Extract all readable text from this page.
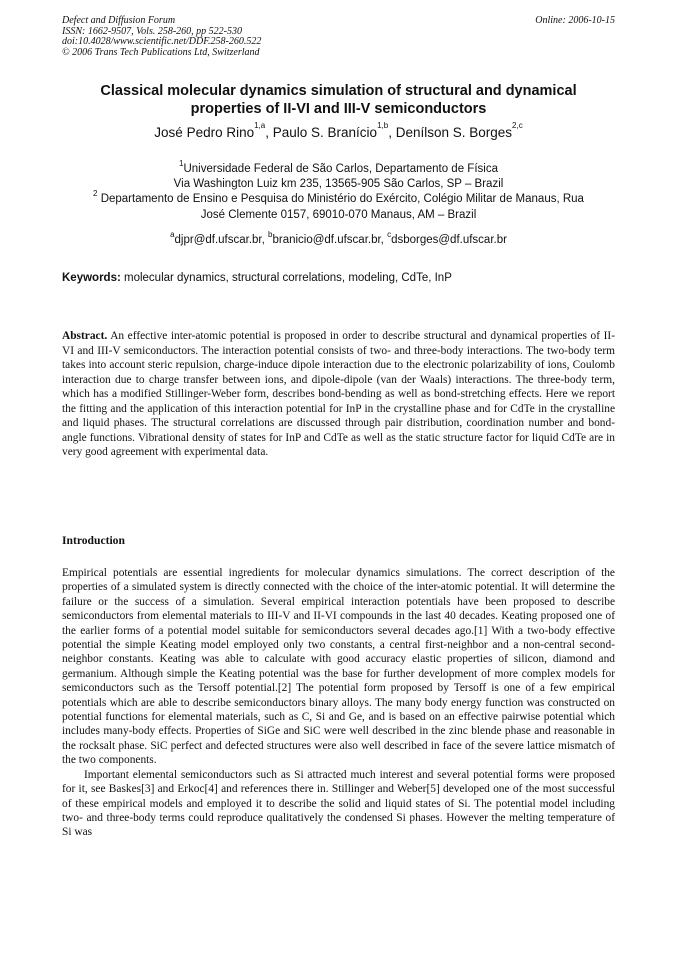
Defect and Diffusion Forum
ISSN: 1662-9507, Vols. 258-260, pp 522-530
doi:10.4028/www.scientific.net/DDF.258-260.522
© 2006 Trans Tech Publications Ltd, Switzerland
Online: 2006-10-15
Classical molecular dynamics simulation of structural and dynamical
properties of II-VI and III-V semiconductors
José Pedro Rino$^{1,a}$, Paulo S. Branício$^{1,b}$, Denílson S. Borges$^{2,c}$
$^1$Universidade Federal de São Carlos, Departamento de Física
Via Washington Luiz km 235, 13565-905 São Carlos, SP – Brazil
$^2$ Departamento de Ensino e Pesquisa do Ministério do Exército, Colégio Militar de Manaus, Rua
José Clemente 0157, 69010-070 Manaus, AM – Brazil
$^a$djpr@df.ufscar.br, $^b$branicio@df.ufscar.br, $^c$dsborges@df.ufscar.br
Keywords: molecular dynamics, structural correlations, modeling, CdTe, InP
Abstract. An effective inter-atomic potential is proposed in order to describe structural and dynamical properties of II-VI and III-V semiconductors. The interaction potential consists of two- and three-body interactions. The two-body term takes into account steric repulsion, charge-induce dipole interaction due to the electronic polarizability of ions, Coulomb interaction due to charge transfer between ions, and dipole-dipole (van der Waals) interactions. The three-body term, which has a modified Stillinger-Weber form, describes bond-bending as well as bond-stretching effects. Here we report the fitting and the application of this interaction potential for InP in the crystalline phase and for CdTe in the crystalline and liquid phases. The structural correlations are discussed through pair distribution, coordination number and bond-angle functions. Vibrational density of states for InP and CdTe as well as the static structure factor for liquid CdTe are in very good agreement with experimental data.
Introduction

Empirical potentials are essential ingredients for molecular dynamics simulations. The correct description of the properties of a simulated system is directly connected with the choice of the inter-atomic potential. It will determine the failure or the success of a simulation. Several empirical interaction potentials have been proposed to describe semiconductors from elemental materials to III-V and II-VI compounds in the last 40 decades. Keating proposed one of the earlier forms of a potential model suitable for semiconductors several decades ago.[1] With a two-body effective potential the simple Keating model employed only two constants, a central first-neighbor and a non-central second-neighbor constants. Keating was able to calculate with good accuracy elastic properties of silicon, diamond and germanium. Although simple the Keating potential was the base for further development of more complex models for semiconductors such as the Tersoff potential.[2] The potential form proposed by Tersoff is one of a few empirical potentials which are able to describe semiconductors binary alloys. The many body energy function was constructed on potential functions for elemental materials, such as C, Si and Ge, and is based on an effective pairwise potential which includes many-body effects. Properties of SiGe and SiC were well described in the zinc blende phase and reasonable in the rocksalt phase. SiC perfect and defected structures were also well described in face of the severe lattice mismatch of the two components.

Important elemental semiconductors such as Si attracted much interest and several potential forms were proposed for it, see Baskes[3] and Erkoc[4] and references there in. Stillinger and Weber[5] developed one of the most successful of these empirical models and employed it to describe the solid and liquid states of Si. The potential model including two- and three-body terms could reproduce qualitatively the condensed Si phases. However the melting temperature of Si was
